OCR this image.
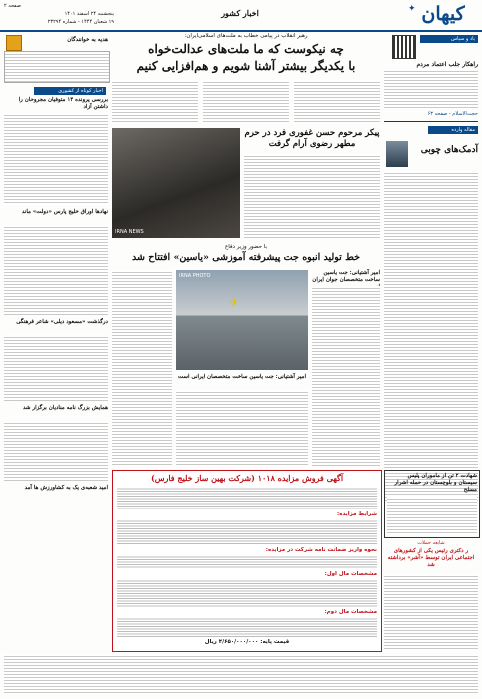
کیهان
✦
اخبار کشور
صفحه ۲
پنجشنبه ۲۴ اسفند ۱۴۰۱
۱۹ شعبان ۱۴۴۴ - شماره ۲۳۲۹۴
یاد و سپاس
راهکار جلب اعتماد مردم
حجت‌الاسلام - صفحه ۶۳
مقاله وارده
آدمک‌های چوبی
رهبر انقلاب در پیامی خطاب به ملت‌های اسلامی‌ایران:
چه نیکوست که ما ملت‌های عدالت‌خواه
با یکدیگر بیشتر آشنا شویم و هم‌افزایی کنیم
هدیه به خوانندگان
اخبار کوتاه از کشوری
بررسی پرونده ۱۴ متوفیان مجروحان را داشتن آزاد
نهادها اوراق خلیج پارس «دولت» ماند
درگذشت «مسعود دیلی» شاعر فرهنگی
همایش بزرگ نامه منادیان برگزار شد
امید شعبه‌ی یک به کشاورزش ها آمد
IRNA NEWS
پیکر مرحوم حسن غفوری فرد در حرم مطهر رضوی آرام گرفت
با حضور وزیر دفاع
خط تولید انبوه جت پیشرفته آموزشی «یاسین» افتتاح شد
✈
IRNA PHOTO	امیر آشتیانی: جت یاسین ساخت متخصصان جوان ایران
امیر آشتیانی: جت یاسین ساخت متخصصان ایرانی است
شهادت ۲ تن از ماموران پلیس سیستان و بلوچستان در حمله اشرار مسلح
آگهی فروش مزایده ۱۰۱۸ (شرکت بهین ساز خلیج فارس)
شرایط مزایده:
نحوه واریز ضمانت نامه شرکت در مزایده:
مشخصات مال اول:
مشخصات مال دوم:
قیمت پایه: ۴/۶۵۰/۰۰۰/۰۰۰ ریال
شایعه حملات
ر دکتری رئیس یکی از کشورهای اجتماعی ایران توسط «آشر» برداشته شد
